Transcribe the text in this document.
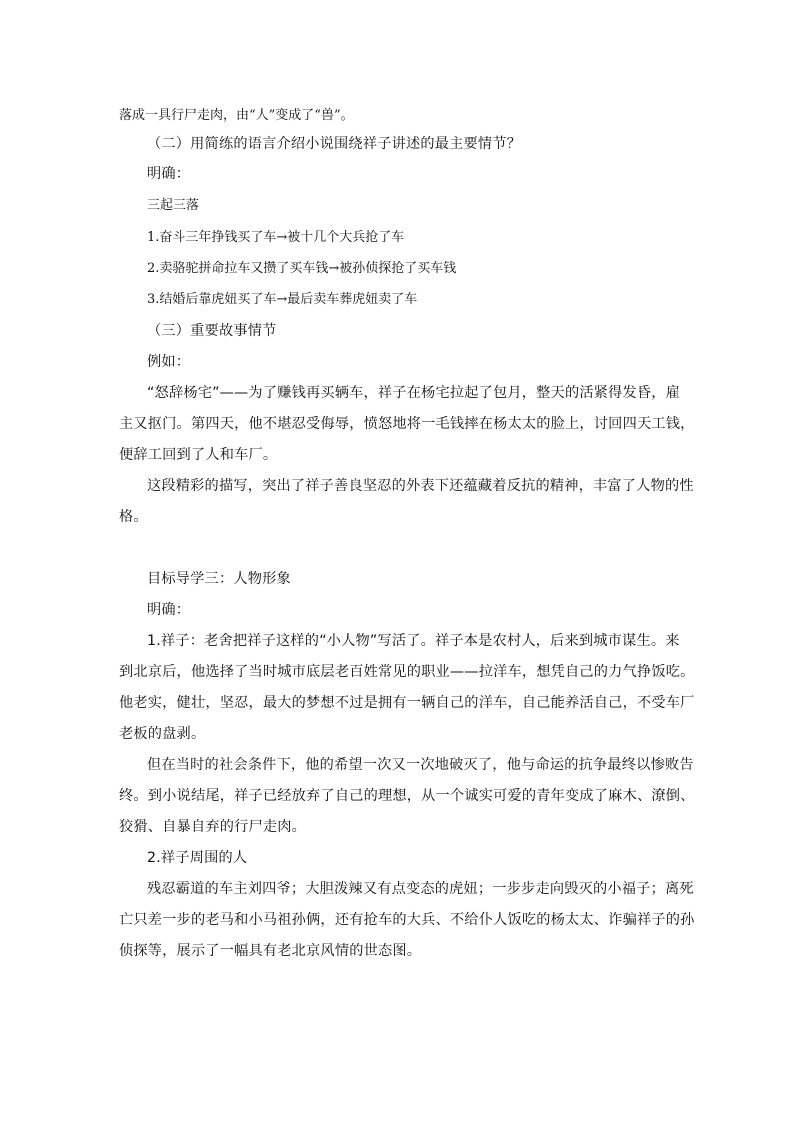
落成一具行尸走肉，由“人”变成了“兽”。
（二）用简练的语言介绍小说围绕祥子讲述的最主要情节？
明确：
三起三落
1.奋斗三年挣钱买了车→被十几个大兵抢了车
2.卖骆驼拼命拉车又攒了买车钱→被孙侦探抢了买车钱
3.结婚后靠虎妞买了车→最后卖车葬虎妞卖了车
（三）重要故事情节
例如：
“怒辞杨宅”——为了赚钱再买辆车，祥子在杨宅拉起了包月，整天的活紧得发昏，雇
主又抠门。第四天，他不堪忍受侮辱，愤怒地将一毛钱摔在杨太太的脸上，讨回四天工钱，
便辞工回到了人和车厂。
这段精彩的描写，突出了祥子善良坚忍的外表下还蕴藏着反抗的精神，丰富了人物的性
格。
目标导学三：人物形象
明确：
1.祥子：老舍把祥子这样的“小人物”写活了。祥子本是农村人，后来到城市谋生。来
到北京后，他选择了当时城市底层老百姓常见的职业——拉洋车，想凭自己的力气挣饭吃。
他老实，健壮，坚忍，最大的梦想不过是拥有一辆自己的洋车，自己能养活自己，不受车厂
老板的盘剥。
但在当时的社会条件下，他的希望一次又一次地破灭了，他与命运的抗争最终以惨败告
终。到小说结尾，祥子已经放弃了自己的理想，从一个诚实可爱的青年变成了麻木、潦倒、
狡猾、自暴自弃的行尸走肉。
2.祥子周围的人
残忍霸道的车主刘四爷；大胆泼辣又有点变态的虎妞；一步步走向毁灭的小福子；离死
亡只差一步的老马和小马祖孙俩，还有抢车的大兵、不给仆人饭吃的杨太太、诈骗祥子的孙
侦探等，展示了一幅具有老北京风情的世态图。
